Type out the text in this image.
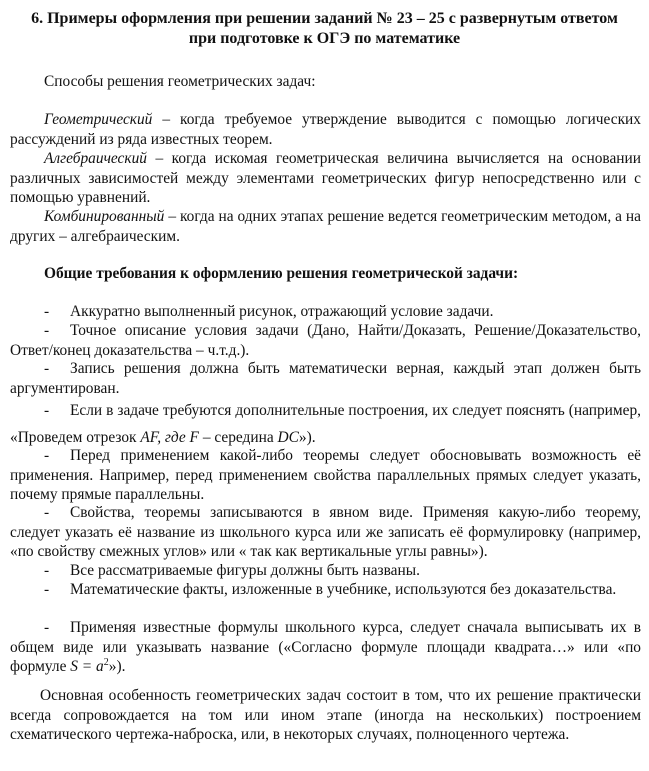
6. Примеры оформления при решении заданий № 23 – 25 с развернутым ответом
при подготовке к ОГЭ по математике

Способы решения геометрических задач:

Геометрический – когда требуемое утверждение выводится с помощью логических рассуждений из ряда известных теорем.

Алгебраический – когда искомая геометрическая величина вычисляется на основании различных зависимостей между элементами геометрических фигур непосредственно или с помощью уравнений.

Комбинированный – когда на одних этапах решение ведется геометрическим методом, а на других – алгебраическим.

Общие требования к оформлению решения геометрической задачи:

- Аккуратно выполненный рисунок, отражающий условие задачи.

- Точное описание условия задачи (Дано, Найти/Доказать, Решение/Доказательство, Ответ/конец доказательства – ч.т.д.).

- Запись решения должна быть математически верная, каждый этап должен быть аргументирован.

- Если в задаче требуются дополнительные построения, их следует пояснять (например, «Проведем отрезок AF, где F – середина DC»).

- Перед применением какой-либо теоремы следует обосновывать возможность её применения. Например, перед применением свойства параллельных прямых следует указать, почему прямые параллельны.

- Свойства, теоремы записываются в явном виде. Применяя какую-либо теорему, следует указать её название из школьного курса или же записать её формулировку (например, «по свойству смежных углов» или « так как вертикальные углы равны»).

- Все рассматриваемые фигуры должны быть названы.

- Математические факты, изложенные в учебнике, используются без доказательства.

- Применяя известные формулы школьного курса, следует сначала выписывать их в общем виде или указывать название («Согласно формуле площади квадрата…» или «по формуле $S = a^2$»).

Основная особенность геометрических задач состоит в том, что их решение практически всегда сопровождается на том или ином этапе (иногда на нескольких) построением схематического чертежа-наброска, или, в некоторых случаях, полноценного чертежа.
